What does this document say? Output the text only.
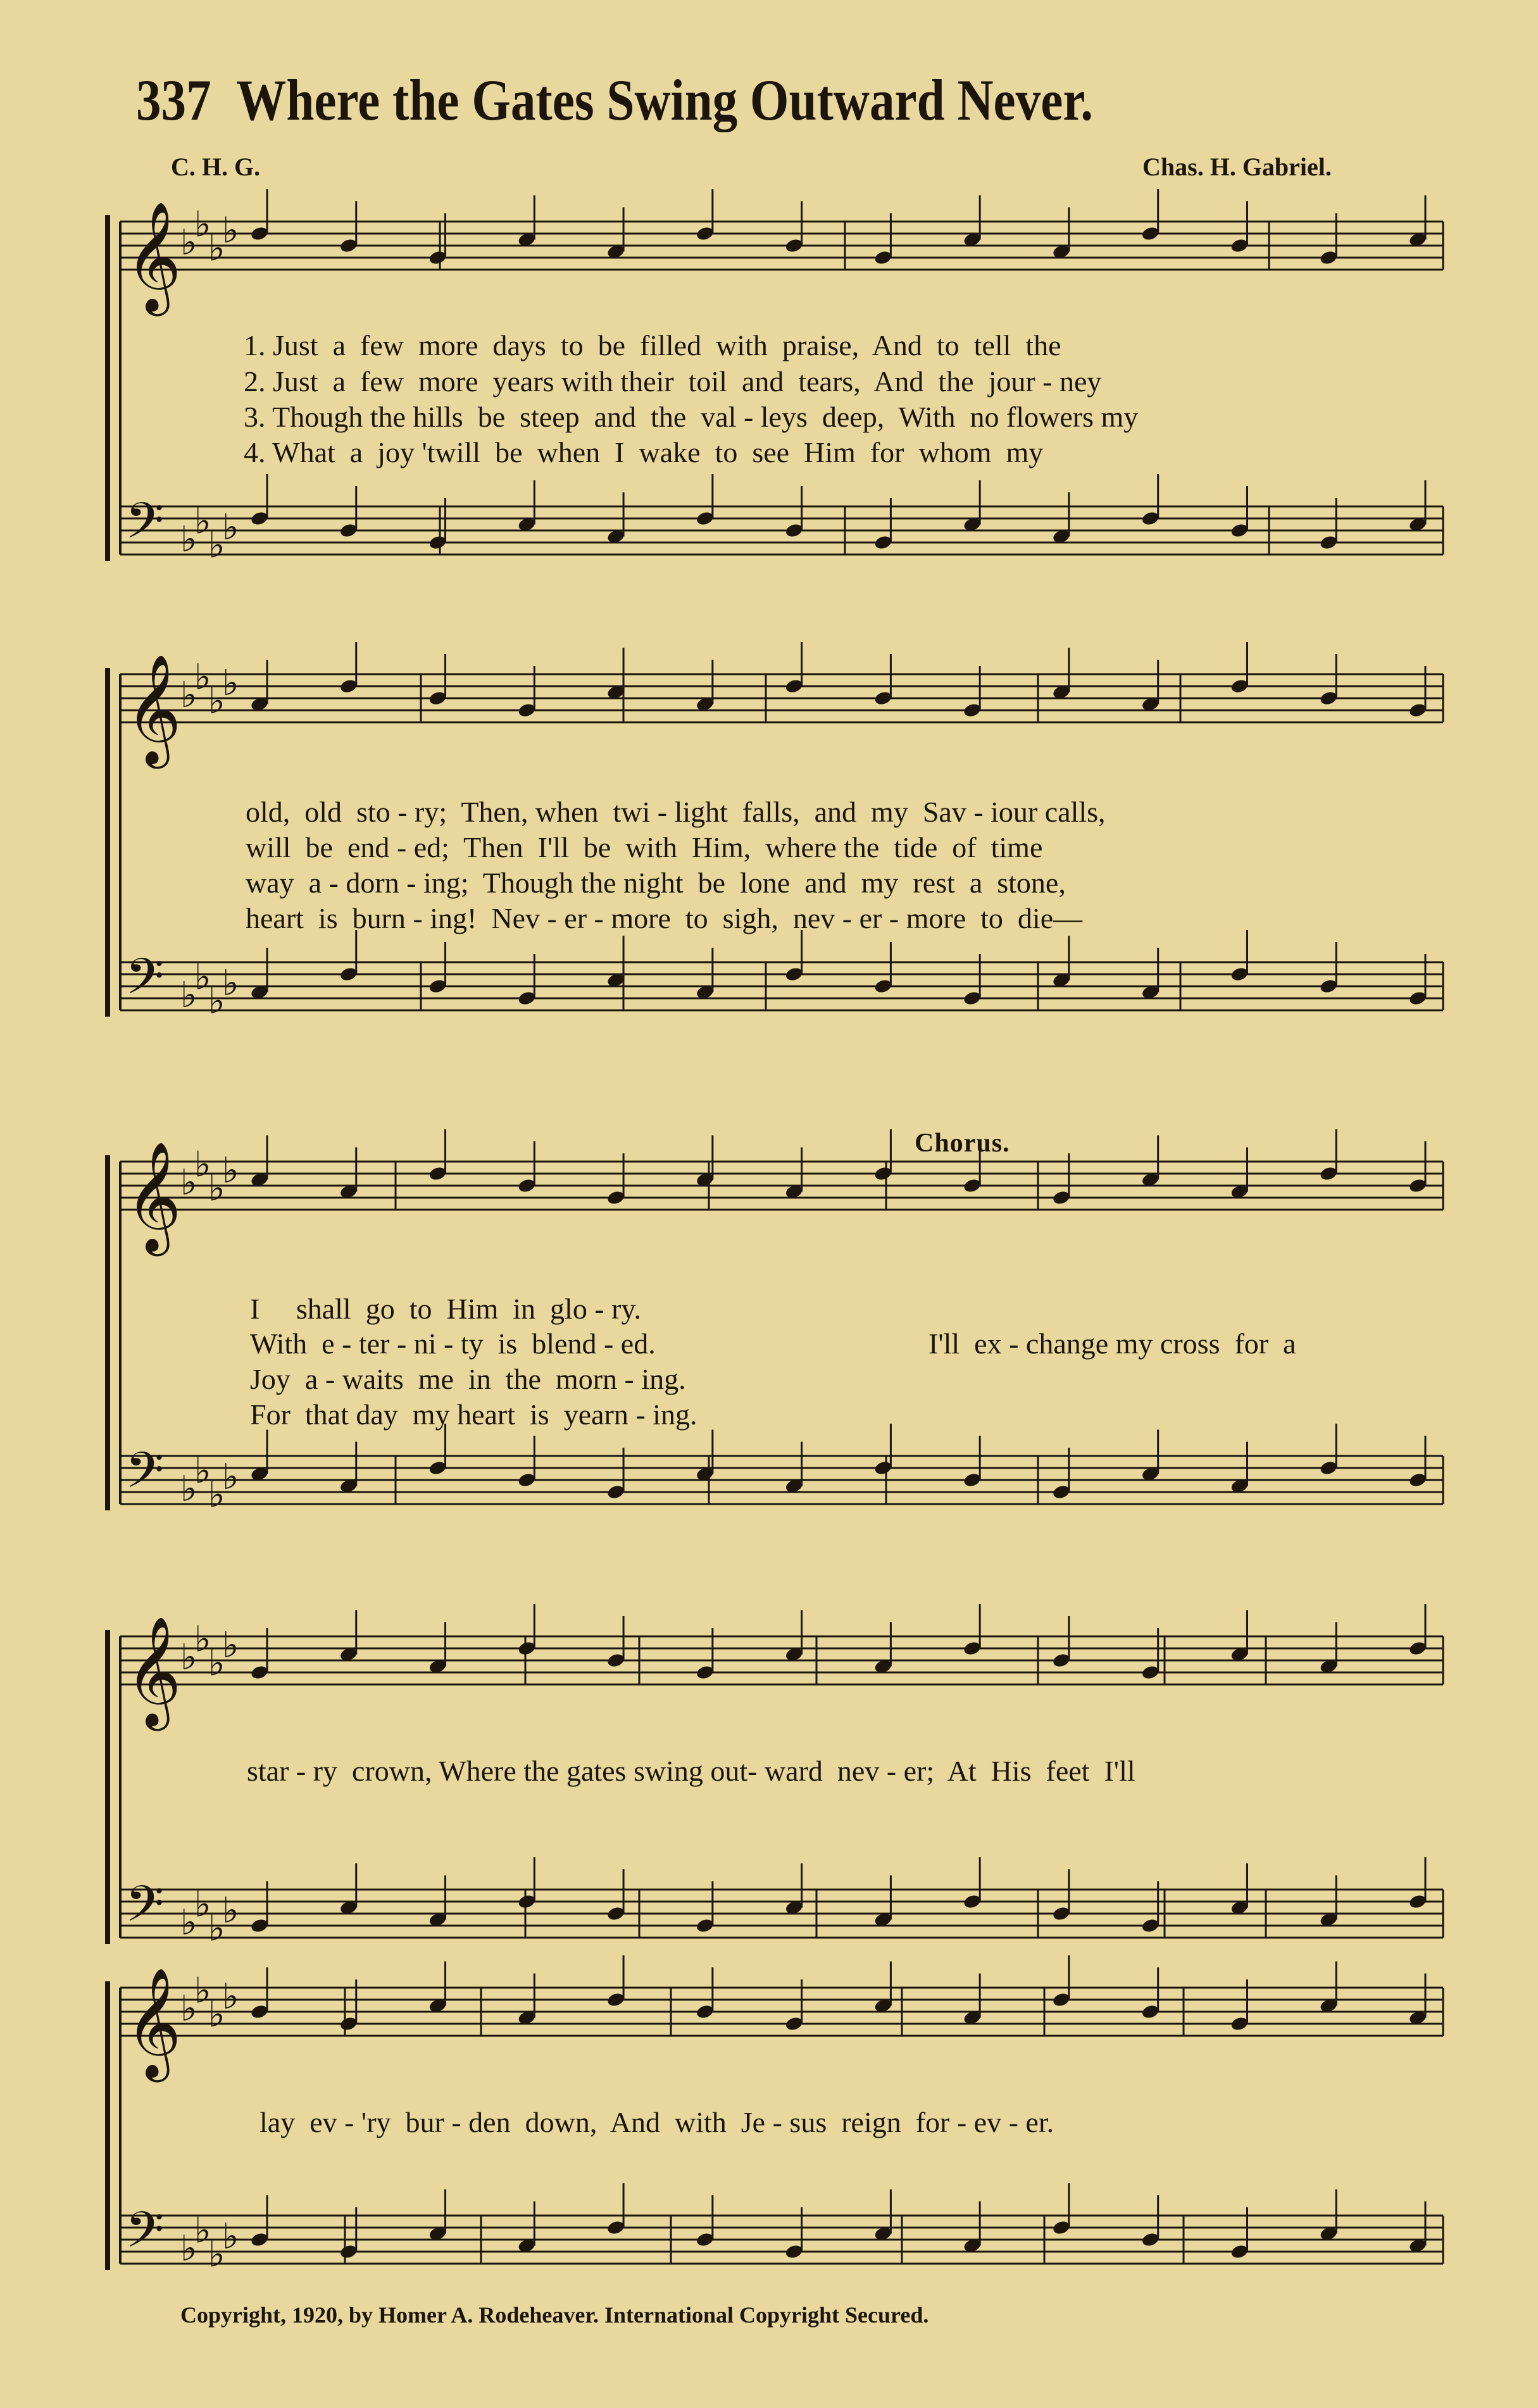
337 Where the Gates Swing Outward Never.
C. H. G.	Chas. H. Gabriel.
𝄞
♭
♭
♭
♭
𝄢 ♭
♭
♭
♭
𝄞
♭
♭
♭
♭
𝄢 ♭
♭
♭
♭
𝄞
♭
♭
♭
♭
𝄢 ♭
♭
♭
♭
𝄞
♭
♭
♭
♭
𝄢 ♭
♭
♭
♭
𝄞
♭
♭
♭
♭
𝄢 ♭
♭
♭
♭
1. Just  a  few  more  days  to  be  filled  with  praise,  And  to  tell  the
2. Just  a  few  more  years with their  toil  and  tears,  And  the  jour - ney
3. Though the hills  be  steep  and  the  val - leys  deep,  With  no flowers my
4. What  a  joy 'twill  be  when  I  wake  to  see  Him  for  whom  my
old,  old  sto - ry;  Then, when  twi - light  falls,  and  my  Sav - iour calls,
will  be  end - ed;  Then  I'll  be  with  Him,  where the  tide  of  time
way  a - dorn - ing;  Though the night  be  lone  and  my  rest  a  stone,
heart  is  burn - ing!  Nev - er - more  to  sigh,  nev - er - more  to  die—
Chorus.
I     shall  go  to  Him  in  glo - ry.
With  e - ter - ni - ty  is  blend - ed.
Joy  a - waits  me  in  the  morn - ing.
For  that day  my heart  is  yearn - ing.
I'll  ex - change my cross  for  a
star - ry  crown, Where the gates swing out- ward  nev - er;  At  His  feet  I'll
lay  ev - 'ry  bur - den  down,  And  with  Je - sus  reign  for - ev - er.
Copyright, 1920, by Homer A. Rodeheaver. International Copyright Secured.
